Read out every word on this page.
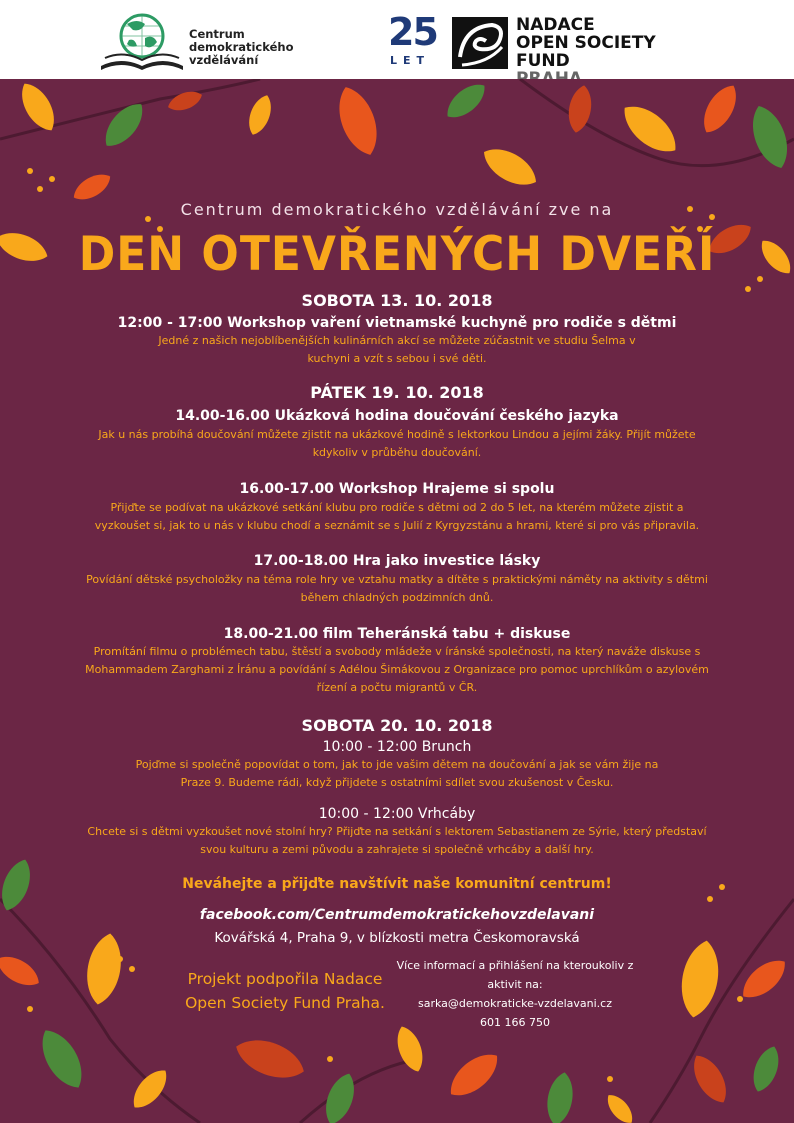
Centrum
demokratického
vzdělávání
25
LET
NADACE
OPEN SOCIETY FUND
Centrum demokratického vzdělávání zve na
DEN OTEVŘENÝCH DVEŘÍ
SOBOTA 13. 10. 2018
12:00 - 17:00 Workshop vaření vietnamské kuchyně pro rodiče s dětmi
Jedné z našich nejoblíbenějších kulinárních akcí se můžete zúčastnit ve studiu Šelma v
kuchyni a vzít s sebou i své děti.
PÁTEK 19. 10. 2018
14.00-16.00 Ukázková hodina doučování českého jazyka
Jak u nás probíhá doučování můžete zjistit na ukázkové hodině s lektorkou Lindou a jejími žáky. Přijít můžete
kdykoliv v průběhu doučování.
16.00-17.00 Workshop Hrajeme si spolu
Přijďte se podívat na ukázkové setkání klubu pro rodiče s dětmi od 2 do 5 let, na kterém můžete zjistit a
vyzkoušet si, jak to u nás v klubu chodí a seznámit se s Julií z Kyrgyzstánu a hrami, které si pro vás připravila.
17.00-18.00 Hra jako investice lásky
Povídání dětské psycholožky na téma role hry ve vztahu matky a dítěte s praktickými náměty na aktivity s dětmi
během chladných podzimních dnů.
18.00-21.00 film Teheránská tabu + diskuse
Promítání filmu o problémech tabu, štěstí a svobody mládeže v íránské společnosti, na který naváže diskuse s
Mohammadem Zarghami z Íránu a povídání s Adélou Šimákovou z Organizace pro pomoc uprchlíkům o azylovém
řízení a počtu migrantů v ČR.
SOBOTA 20. 10. 2018
10:00 - 12:00 Brunch
Pojďme si společně popovídat o tom, jak to jde vašim dětem na doučování a jak se vám žije na
Praze 9. Budeme rádi, když přijdete s ostatními sdílet svou zkušenost v Česku.
10:00 - 12:00 Vrhcáby
Chcete si s dětmi vyzkoušet nové stolní hry? Přijďte na setkání s lektorem Sebastianem ze Sýrie, který představí
svou kulturu a zemi původu a zahrajete si společně vrhcáby a další hry.
Neváhejte a přijďte navštívit naše komunitní centrum!
facebook.com/Centrumdemokratickehovzdelavani
Kovářská 4, Praha 9, v blízkosti metra Českomoravská
Projekt podpořila Nadace
Open Society Fund Praha.
Více informací a přihlášení na kteroukoliv z
aktivit na:
sarka@demokraticke-vzdelavani.cz
601 166 750
